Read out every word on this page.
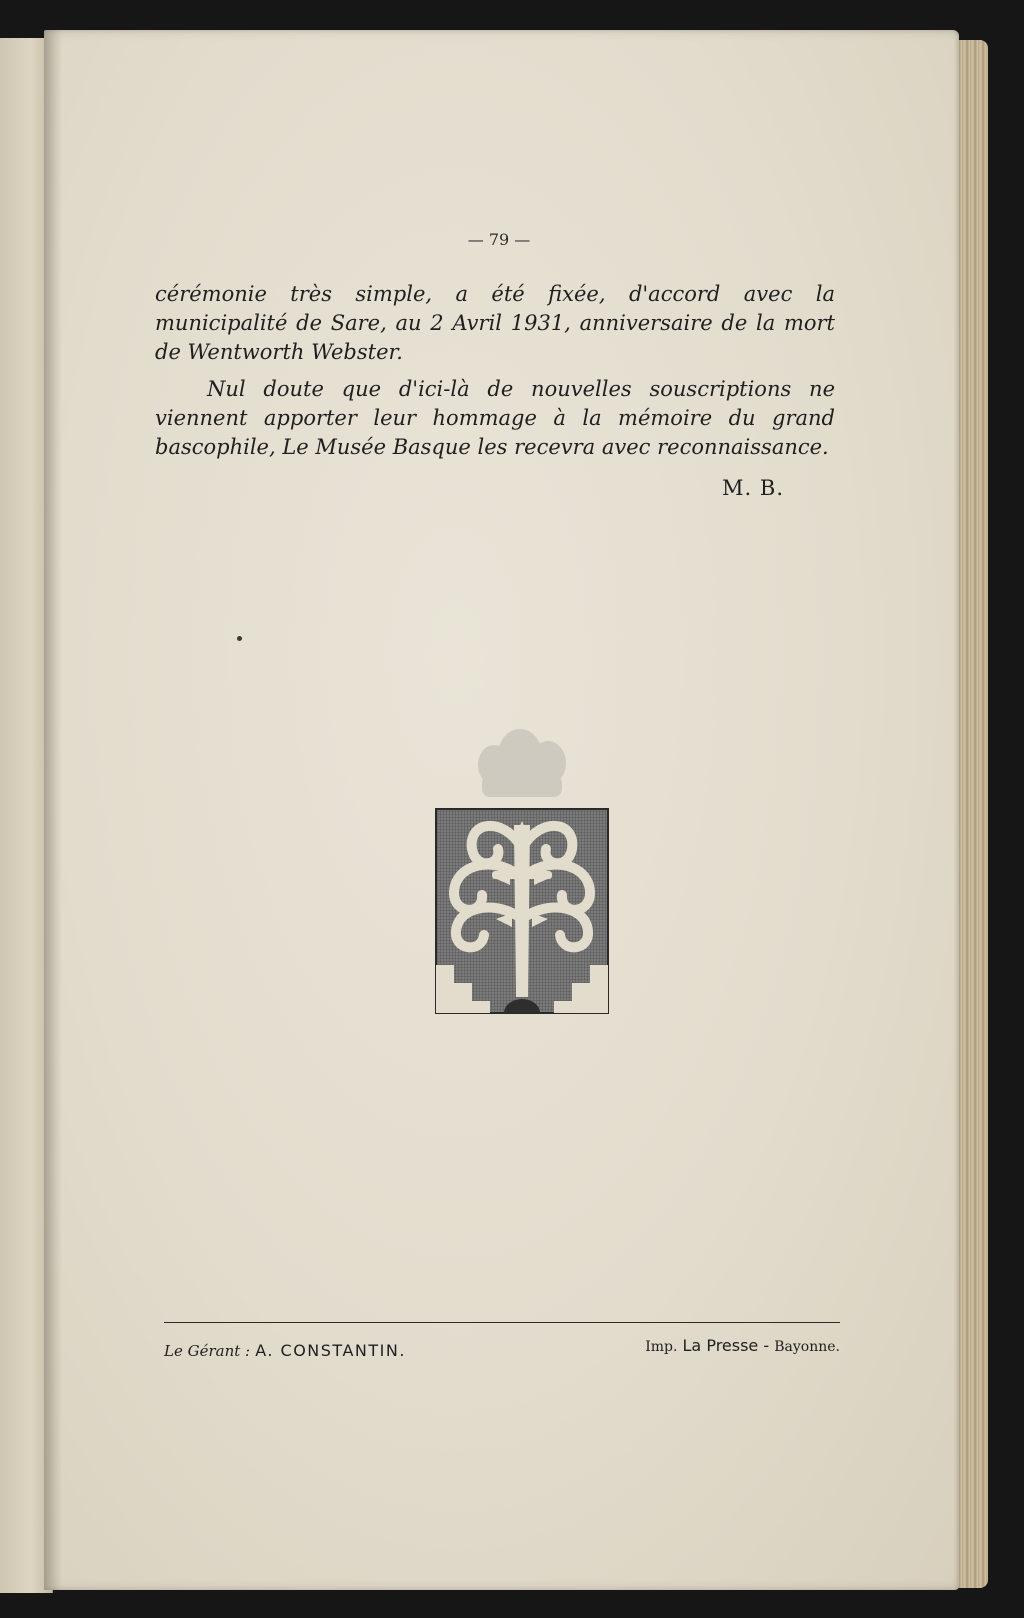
— 79 —

cérémonie très simple, a été fixée, d'accord avec la municipalité de Sare, au 2 Avril 1931, anniversaire de la mort de Wentworth Webster.

Nul doute que d'ici-là de nouvelles souscriptions ne viennent apporter leur hommage à la mémoire du grand bascophile, Le Musée Basque les recevra avec reconnaissance.

M. B.
Le Gérant : A. CONSTANTIN.	Imp. La Presse - Bayonne.
